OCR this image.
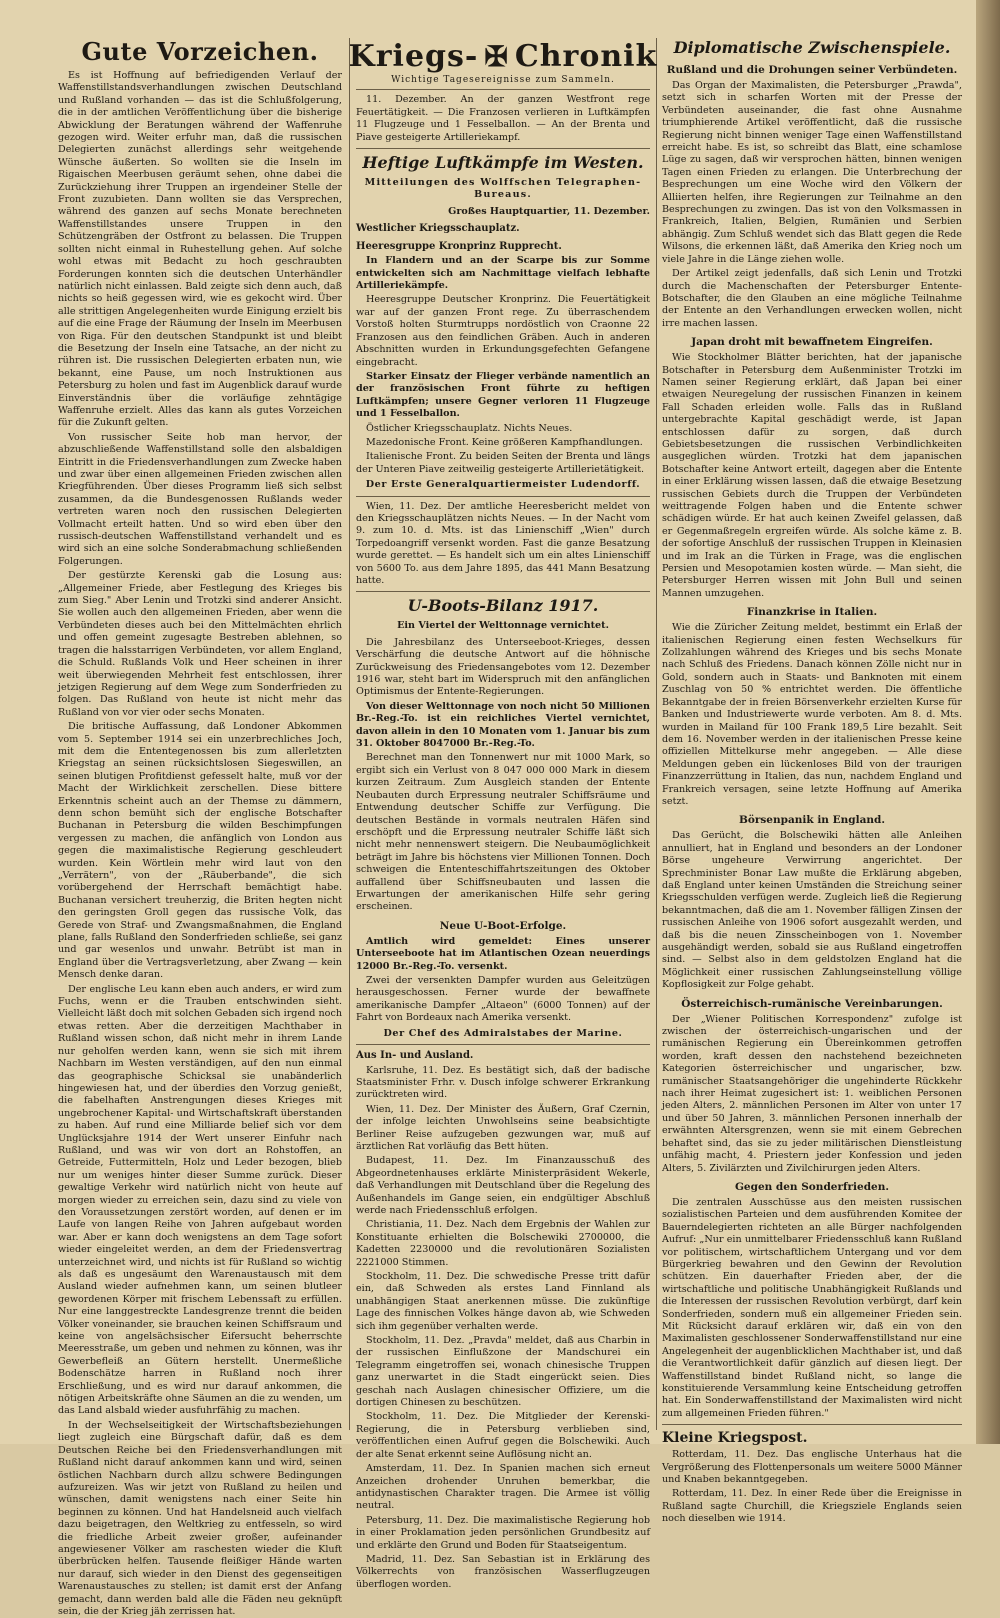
Gute Vorzeichen.

Es ist Hoffnung auf befriedigenden Verlauf der Waffenstillstandsverhandlungen zwischen Deutschland und Rußland vorhanden — das ist die Schlußfolgerung, die in der amtlichen Veröffentlichung über die bisherige Abwicklung der Beratungen während der Waffenruhe gezogen wird. Weiter erfuhr man, daß die russischen Delegierten zunächst allerdings sehr weitgehende Wünsche äußerten. So wollten sie die Inseln im Rigaischen Meerbusen geräumt sehen, ohne dabei die Zurückziehung ihrer Truppen an irgendeiner Stelle der Front zuzubieten. Dann wollten sie das Versprechen, während des ganzen auf sechs Monate berechneten Waffenstillstandes unsere Truppen in den Schützengräben der Ostfront zu belassen. Die Truppen sollten nicht einmal in Ruhestellung gehen. Auf solche wohl etwas mit Bedacht zu hoch geschraubten Forderungen konnten sich die deutschen Unterhändler natürlich nicht einlassen. Bald zeigte sich denn auch, daß nichts so heiß gegessen wird, wie es gekocht wird. Über alle strittigen Angelegenheiten wurde Einigung erzielt bis auf die eine Frage der Räumung der Inseln im Meerbusen von Riga. Für den deutschen Standpunkt ist und bleibt die Besetzung der Inseln eine Tatsache, an der nicht zu rühren ist. Die russischen Delegierten erbaten nun, wie bekannt, eine Pause, um noch Instruktionen aus Petersburg zu holen und fast im Augenblick darauf wurde Einverständnis über die vorläufige zehntägige Waffenruhe erzielt. Alles das kann als gutes Vorzeichen für die Zukunft gelten.

Von russischer Seite hob man hervor, der abzuschließende Waffenstillstand solle den alsbaldigen Eintritt in die Friedensverhandlungen zum Zwecke haben und zwar über einen allgemeinen Frieden zwischen allen Kriegführenden. Über dieses Programm ließ sich selbst zusammen, da die Bundesgenossen Rußlands weder vertreten waren noch den russischen Delegierten Vollmacht erteilt hatten. Und so wird eben über den russisch-deutschen Waffenstillstand verhandelt und es wird sich an eine solche Sonderabmachung schließenden Folgerungen.

Der gestürzte Kerenski gab die Losung aus: „Allgemeiner Friede, aber Festlegung des Krieges bis zum Sieg." Aber Lenin und Trotzki sind anderer Ansicht. Sie wollen auch den allgemeinen Frieden, aber wenn die Verbündeten dieses auch bei den Mittelmächten ehrlich und offen gemeint zugesagte Bestreben ablehnen, so tragen die halsstarrigen Verbündeten, vor allem England, die Schuld. Rußlands Volk und Heer scheinen in ihrer weit überwiegenden Mehrheit fest entschlossen, ihrer jetzigen Regierung auf dem Wege zum Sonderfrieden zu folgen. Das Rußland von heute ist nicht mehr das Rußland von vor vier oder sechs Monaten.

Die britische Auffassung, daß Londoner Abkommen vom 5. September 1914 sei ein unzerbrechliches Joch, mit dem die Ententegenossen bis zum allerletzten Kriegstag an seinen rücksichtslosen Siegeswillen, an seinen blutigen Profitdienst gefesselt halte, muß vor der Macht der Wirklichkeit zerschellen. Diese bittere Erkenntnis scheint auch an der Themse zu dämmern, denn schon bemüht sich der englische Botschafter Buchanan in Petersburg die wilden Beschimpfungen vergessen zu machen, die anfänglich von London aus gegen die maximalistische Regierung geschleudert wurden. Kein Wörtlein mehr wird laut von den „Verrätern", von der „Räuberbande", die sich vorübergehend der Herrschaft bemächtigt habe. Buchanan versichert treuherzig, die Briten hegten nicht den geringsten Groll gegen das russische Volk, das Gerede von Straf- und Zwangsmaßnahmen, die England plane, falls Rußland den Sonderfrieden schließe, sei ganz und gar wesenlos und unwahr. Betrübt ist man in England über die Vertragsverletzung, aber Zwang — kein Mensch denke daran.

Der englische Leu kann eben auch anders, er wird zum Fuchs, wenn er die Trauben entschwinden sieht. Vielleicht läßt doch mit solchen Gebaden sich irgend noch etwas retten. Aber die derzeitigen Machthaber in Rußland wissen schon, daß nicht mehr in ihrem Lande nur geholfen werden kann, wenn sie sich mit ihrem Nachbarn im Westen verständigen, auf den nun einmal das geographische Schicksal sie unabänderlich hingewiesen hat, und der überdies den Vorzug genießt, die fabelhaften Anstrengungen dieses Krieges mit ungebrochener Kapital- und Wirtschaftskraft überstanden zu haben. Auf rund eine Milliarde belief sich vor dem Unglücksjahre 1914 der Wert unserer Einfuhr nach Rußland, und was wir von dort an Rohstoffen, an Getreide, Futtermitteln, Holz und Leder bezogen, blieb nur um weniges hinter dieser Summe zurück. Dieser gewaltige Verkehr wird natürlich nicht von heute auf morgen wieder zu erreichen sein, dazu sind zu viele von den Voraussetzungen zerstört worden, auf denen er im Laufe von langen Reihe von Jahren aufgebaut worden war. Aber er kann doch wenigstens an dem Tage sofort wieder eingeleitet werden, an dem der Friedensvertrag unterzeichnet wird, und nichts ist für Rußland so wichtig als daß es ungesäumt den Warenaustausch mit dem Ausland wieder aufnehmen kann, um seinen blutleer gewordenen Körper mit frischem Lebenssaft zu erfüllen. Nur eine langgestreckte Landesgrenze trennt die beiden Völker voneinander, sie brauchen keinen Schiffsraum und keine von angelsächsischer Eifersucht beherrschte Meeresstraße, um geben und nehmen zu können, was ihr Gewerbefleiß an Gütern herstellt. Unermeßliche Bodenschätze harren in Rußland noch ihrer Erschließung, und es wird nur darauf ankommen, die nötigen Arbeitskräfte ohne Säumen an die zu wenden, um das Land alsbald wieder ausfuhrfähig zu machen.

In der Wechselseitigkeit der Wirtschaftsbeziehungen liegt zugleich eine Bürgschaft dafür, daß es dem Deutschen Reiche bei den Friedensverhandlungen mit Rußland nicht darauf ankommen kann und wird, seinen östlichen Nachbarn durch allzu schwere Bedingungen aufzureizen. Was wir jetzt von Rußland zu heilen und wünschen, damit wenigstens nach einer Seite hin beginnen zu können. Und hat Handelsneid auch vielfach dazu beigetragen, den Weltkrieg zu entfesseln, so wird die friedliche Arbeit zweier großer, aufeinander angewiesener Völker am raschesten wieder die Kluft überbrücken helfen. Tausende fleißiger Hände warten nur darauf, sich wieder in den Dienst des gegenseitigen Warenaustausches zu stellen; ist damit erst der Anfang gemacht, dann werden bald alle die Fäden neu geknüpft sein, die der Krieg jäh zerrissen hat.

Kriegs- ✠ Chronik
Wichtige Tagesereignisse zum Sammeln.

11. Dezember. An der ganzen Westfront rege Feuertätigkeit. — Die Franzosen verlieren in Luftkämpfen 11 Flugzeuge und 1 Fesselballon. — An der Brenta und Piave gesteigerte Artilleriekampf.

Heftige Luftkämpfe im Westen.
Mitteilungen des Wolffschen Telegraphen-Bureaus.
Großes Hauptquartier, 11. Dezember.
Westlicher Kriegsschauplatz.
Heeresgruppe Kronprinz Rupprecht.

In Flandern und an der Scarpe bis zur Somme entwickelten sich am Nachmittage vielfach lebhafte Artilleriekämpfe.

Heeresgruppe Deutscher Kronprinz. Die Feuertätigkeit war auf der ganzen Front rege. Zu überraschendem Vorstoß holten Sturmtrupps nordöstlich von Craonne 22 Franzosen aus den feindlichen Gräben. Auch in anderen Abschnitten wurden in Erkundungsgefechten Gefangene eingebracht.

Starker Einsatz der Flieger verbände namentlich an der französischen Front führte zu heftigen Luftkämpfen; unsere Gegner verloren 11 Flugzeuge und 1 Fesselballon.

Östlicher Kriegsschauplatz. Nichts Neues.

Mazedonische Front. Keine größeren Kampfhandlungen.

Italienische Front. Zu beiden Seiten der Brenta und längs der Unteren Piave zeitweilig gesteigerte Artillerietätigkeit.

Der Erste Generalquartiermeister Ludendorff.

Wien, 11. Dez. Der amtliche Heeresbericht meldet von den Kriegsschauplätzen nichts Neues. — In der Nacht vom 9. zum 10. d. Mts. ist das Linienschiff „Wien" durch Torpedoangriff versenkt worden. Fast die ganze Besatzung wurde gerettet. — Es handelt sich um ein altes Linienschiff von 5600 To. aus dem Jahre 1895, das 441 Mann Besatzung hatte.

U-Boots-Bilanz 1917.
Ein Viertel der Welttonnage vernichtet.

Die Jahresbilanz des Unterseeboot-Krieges, dessen Verschärfung die deutsche Antwort auf die höhnische Zurückweisung des Friedensangebotes vom 12. Dezember 1916 war, steht bart im Widerspruch mit den anfänglichen Optimismus der Entente-Regierungen.

Von dieser Welttonnage von noch nicht 50 Millionen Br.-Reg.-To. ist ein reichliches Viertel vernichtet, davon allein in den 10 Monaten vom 1. Januar bis zum 31. Oktober 8047000 Br.-Reg.-To.

Berechnet man den Tonnenwert nur mit 1000 Mark, so ergibt sich ein Verlust von 8 047 000 000 Mark in diesem kurzen Zeitraum. Zum Ausgleich standen der Entente Neubauten durch Erpressung neutraler Schiffsräume und Entwendung deutscher Schiffe zur Verfügung. Die deutschen Bestände in vormals neutralen Häfen sind erschöpft und die Erpressung neutraler Schiffe läßt sich nicht mehr nennenswert steigern. Die Neubaumöglichkeit beträgt im Jahre bis höchstens vier Millionen Tonnen. Doch schweigen die Ententeschiffahrtszeitungen des Oktober auffallend über Schiffsneubauten und lassen die Erwartungen der amerikanischen Hilfe sehr gering erscheinen.

Neue U-Boot-Erfolge.

Amtlich wird gemeldet: Eines unserer Unterseeboote hat im Atlantischen Ozean neuerdings 12000 Br.-Reg.-To. versenkt.

Zwei der versenkten Dampfer wurden aus Geleitzügen herausgeschossen. Ferner wurde der bewaffnete amerikanische Dampfer „Altaeon" (6000 Tonnen) auf der Fahrt von Bordeaux nach Amerika versenkt.

Der Chef des Admiralstabes der Marine.
Aus In- und Ausland.

Karlsruhe, 11. Dez. Es bestätigt sich, daß der badische Staatsminister Frhr. v. Dusch infolge schwerer Erkrankung zurücktreten wird.

Wien, 11. Dez. Der Minister des Äußern, Graf Czernin, der infolge leichten Unwohlseins seine beabsichtigte Berliner Reise aufzugeben gezwungen war, muß auf ärztlichen Rat vorläufig das Bett hüten.

Budapest, 11. Dez. Im Finanzausschuß des Abgeordnetenhauses erklärte Ministerpräsident Wekerle, daß Verhandlungen mit Deutschland über die Regelung des Außenhandels im Gange seien, ein endgültiger Abschluß werde nach Friedensschluß erfolgen.

Christiania, 11. Dez. Nach dem Ergebnis der Wahlen zur Konstituante erhielten die Bolschewiki 2700000, die Kadetten 2230000 und die revolutionären Sozialisten 2221000 Stimmen.

Stockholm, 11. Dez. Die schwedische Presse tritt dafür ein, daß Schweden als erstes Land Finnland als unabhängigen Staat anerkennen müsse. Die zukünftige Lage des finnischen Volkes hänge davon ab, wie Schweden sich ihm gegenüber verhalten werde.

Stockholm, 11. Dez. „Pravda" meldet, daß aus Charbin in der russischen Einflußzone der Mandschurei ein Telegramm eingetroffen sei, wonach chinesische Truppen ganz unerwartet in die Stadt eingerückt seien. Dies geschah nach Auslagen chinesischer Offiziere, um die dortigen Chinesen zu beschützen.

Stockholm, 11. Dez. Die Mitglieder der Kerenski-Regierung, die in Petersburg verblieben sind, veröffentlichen einen Aufruf gegen die Bolschewiki. Auch der alte Senat erkennt seine Auflösung nicht an.

Amsterdam, 11. Dez. In Spanien machen sich erneut Anzeichen drohender Unruhen bemerkbar, die antidynastischen Charakter tragen. Die Armee ist völlig neutral.

Petersburg, 11. Dez. Die maximalistische Regierung hob in einer Proklamation jeden persönlichen Grundbesitz auf und erklärte den Grund und Boden für Staatseigentum.

Madrid, 11. Dez. San Sebastian ist in Erklärung des Völkerrechts von französischen Wasserflugzeugen überflogen worden.

Diplomatische Zwischenspiele.
Rußland und die Drohungen seiner Verbündeten.

Das Organ der Maximalisten, die Petersburger „Prawda", setzt sich in scharfen Worten mit der Presse der Verbündeten auseinander, die fast ohne Ausnahme triumphierende Artikel veröffentlicht, daß die russische Regierung nicht binnen weniger Tage einen Waffenstillstand erreicht habe. Es ist, so schreibt das Blatt, eine schamlose Lüge zu sagen, daß wir versprochen hätten, binnen wenigen Tagen einen Frieden zu erlangen. Die Unterbrechung der Besprechungen um eine Woche wird den Völkern der Alliierten helfen, ihre Regierungen zur Teilnahme an den Besprechungen zu zwingen. Das ist von den Volksmassen in Frankreich, Italien, Belgien, Rumänien und Serbien abhängig. Zum Schluß wendet sich das Blatt gegen die Rede Wilsons, die erkennen läßt, daß Amerika den Krieg noch um viele Jahre in die Länge ziehen wolle.

Der Artikel zeigt jedenfalls, daß sich Lenin und Trotzki durch die Machenschaften der Petersburger Entente-Botschafter, die den Glauben an eine mögliche Teilnahme der Entente an den Verhandlungen erwecken wollen, nicht irre machen lassen.

Japan droht mit bewaffnetem Eingreifen.

Wie Stockholmer Blätter berichten, hat der japanische Botschafter in Petersburg dem Außenminister Trotzki im Namen seiner Regierung erklärt, daß Japan bei einer etwaigen Neuregelung der russischen Finanzen in keinem Fall Schaden erleiden wolle. Falls das in Rußland untergebrachte Kapital geschädigt werde, ist Japan entschlossen dafür zu sorgen, daß durch Gebietsbesetzungen die russischen Verbindlichkeiten ausgeglichen würden. Trotzki hat dem japanischen Botschafter keine Antwort erteilt, dagegen aber die Entente in einer Erklärung wissen lassen, daß die etwaige Besetzung russischen Gebiets durch die Truppen der Verbündeten weittragende Folgen haben und die Entente schwer schädigen würde. Er hat auch keinen Zweifel gelassen, daß er Gegenmaßregeln ergreifen würde. Als solche käme z. B. der sofortige Anschluß der russischen Truppen in Kleinasien und im Irak an die Türken in Frage, was die englischen Persien und Mesopotamien kosten würde. — Man sieht, die Petersburger Herren wissen mit John Bull und seinen Mannen umzugehen.

Finanzkrise in Italien.

Wie die Züricher Zeitung meldet, bestimmt ein Erlaß der italienischen Regierung einen festen Wechselkurs für Zollzahlungen während des Krieges und bis sechs Monate nach Schluß des Friedens. Danach können Zölle nicht nur in Gold, sondern auch in Staats- und Banknoten mit einem Zuschlag von 50 % entrichtet werden. Die öffentliche Bekanntgabe der in freien Börsenverkehr erzielten Kurse für Banken und Industriewerte wurde verboten. Am 8. d. Mts. wurden in Mailand für 100 Frank 189,5 Lire bezahlt. Seit dem 16. November werden in der italienischen Presse keine offiziellen Mittelkurse mehr angegeben. — Alle diese Meldungen geben ein lückenloses Bild von der traurigen Finanzzerrüttung in Italien, das nun, nachdem England und Frankreich versagen, seine letzte Hoffnung auf Amerika setzt.

Börsenpanik in England.

Das Gerücht, die Bolschewiki hätten alle Anleihen annulliert, hat in England und besonders an der Londoner Börse ungeheure Verwirrung angerichtet. Der Sprechminister Bonar Law mußte die Erklärung abgeben, daß England unter keinen Umständen die Streichung seiner Kriegsschulden verfügen werde. Zugleich ließ die Regierung bekanntmachen, daß die am 1. November fälligen Zinsen der russischen Anleihe von 1906 sofort ausgezahlt werden, und daß bis die neuen Zinsscheinbogen von 1. November ausgehändigt werden, sobald sie aus Rußland eingetroffen sind. — Selbst also in dem geldstolzen England hat die Möglichkeit einer russischen Zahlungseinstellung völlige Kopflosigkeit zur Folge gehabt.

Österreichisch-rumänische Vereinbarungen.

Der „Wiener Politischen Korrespondenz" zufolge ist zwischen der österreichisch-ungarischen und der rumänischen Regierung ein Übereinkommen getroffen worden, kraft dessen den nachstehend bezeichneten Kategorien österreichischer und ungarischer, bzw. rumänischer Staatsangehöriger die ungehinderte Rückkehr nach ihrer Heimat zugesichert ist: 1. weiblichen Personen jeden Alters, 2. männlichen Personen im Alter von unter 17 und über 50 Jahren, 3. männlichen Personen innerhalb der erwähnten Altersgrenzen, wenn sie mit einem Gebrechen behaftet sind, das sie zu jeder militärischen Dienstleistung unfähig macht, 4. Priestern jeder Konfession und jeden Alters, 5. Zivilärzten und Zivilchirurgen jeden Alters.

Gegen den Sonderfrieden.

Die zentralen Ausschüsse aus den meisten russischen sozialistischen Parteien und dem ausführenden Komitee der Bauerndelegierten richteten an alle Bürger nachfolgenden Aufruf: „Nur ein unmittelbarer Friedensschluß kann Rußland vor politischem, wirtschaftlichem Untergang und vor dem Bürgerkrieg bewahren und den Gewinn der Revolution schützen. Ein dauerhafter Frieden aber, der die wirtschaftliche und politische Unabhängigkeit Rußlands und die Interessen der russischen Revolution verbürgt, darf kein Sonderfrieden, sondern muß ein allgemeiner Frieden sein. Mit Rücksicht darauf erklären wir, daß ein von den Maximalisten geschlossener Sonderwaffenstillstand nur eine Angelegenheit der augenblicklichen Machthaber ist, und daß die Verantwortlichkeit dafür gänzlich auf diesen liegt. Der Waffenstillstand bindet Rußland nicht, so lange die konstituierende Versammlung keine Entscheidung getroffen hat. Ein Sonderwaffenstillstand der Maximalisten wird nicht zum allgemeinen Frieden führen."

Kleine Kriegspost.

Rotterdam, 11. Dez. Das englische Unterhaus hat die Vergrößerung des Flottenpersonals um weitere 5000 Männer und Knaben bekanntgegeben.

Rotterdam, 11. Dez. In einer Rede über die Ereignisse in Rußland sagte Churchill, die Kriegsziele Englands seien noch dieselben wie 1914.
